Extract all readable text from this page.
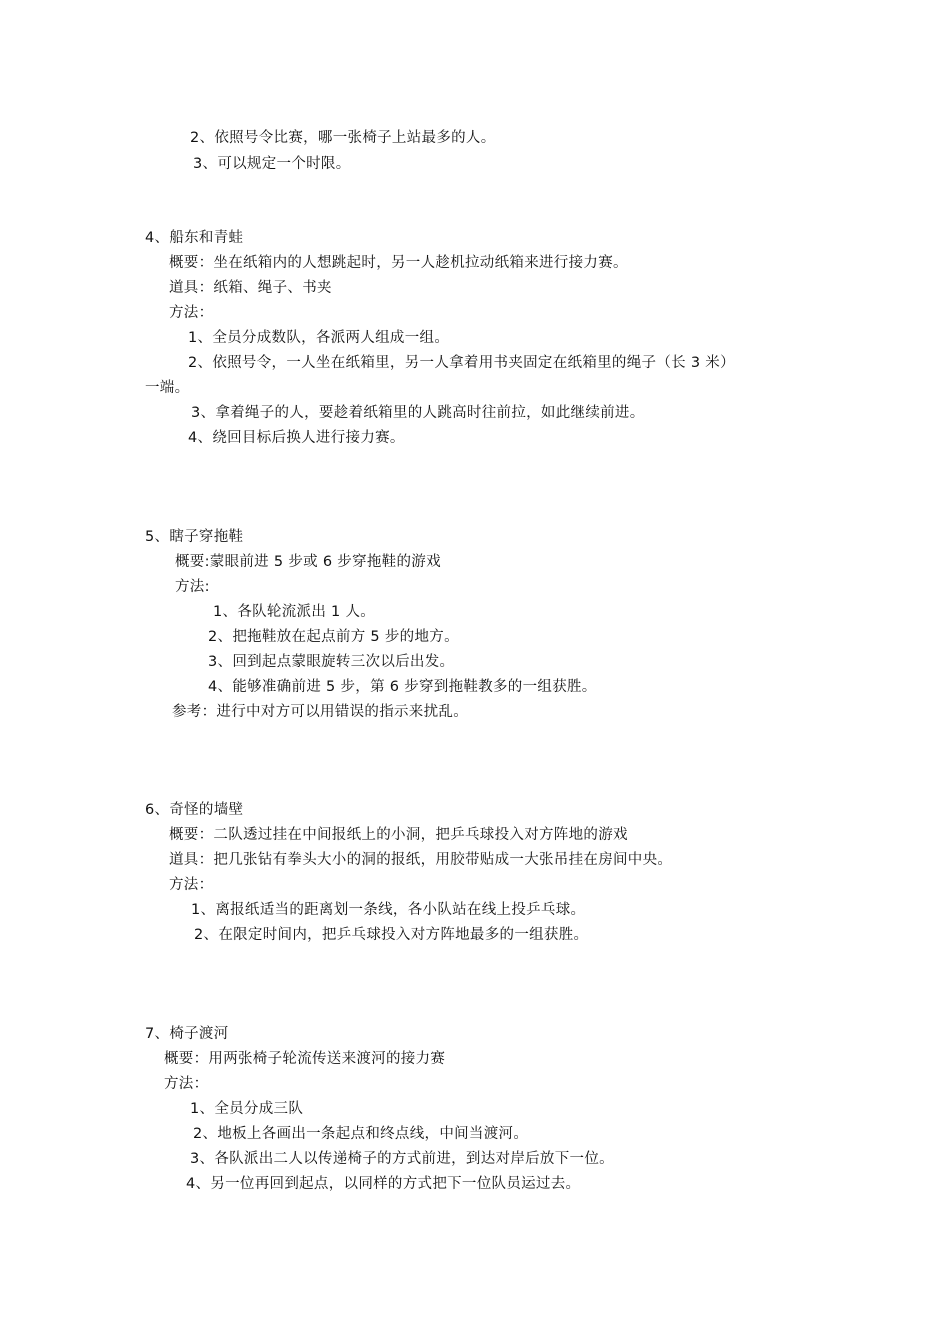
2、依照号令比赛，哪一张椅子上站最多的人。
3、可以规定一个时限。
4、船东和青蛙
概要：坐在纸箱内的人想跳起时，另一人趁机拉动纸箱来进行接力赛。
道具：纸箱、绳子、书夹
方法：
1、全员分成数队，各派两人组成一组。
2、依照号令，一人坐在纸箱里，另一人拿着用书夹固定在纸箱里的绳子（长 3 米）
一端。
3、拿着绳子的人，要趁着纸箱里的人跳高时往前拉，如此继续前进。
4、绕回目标后换人进行接力赛。
5、瞎子穿拖鞋
概要:蒙眼前进 5 步或 6 步穿拖鞋的游戏
方法:
1、各队轮流派出 1 人。
2、把拖鞋放在起点前方 5 步的地方。
3、回到起点蒙眼旋转三次以后出发。
4、能够准确前进 5 步，第 6 步穿到拖鞋教多的一组获胜。
参考：进行中对方可以用错误的指示来扰乱。
6、奇怪的墙壁
概要：二队透过挂在中间报纸上的小洞，把乒乓球投入对方阵地的游戏
道具：把几张钻有拳头大小的洞的报纸，用胶带贴成一大张吊挂在房间中央。
方法：
1、离报纸适当的距离划一条线，各小队站在线上投乒乓球。
2、在限定时间内，把乒乓球投入对方阵地最多的一组获胜。
7、椅子渡河
概要：用两张椅子轮流传送来渡河的接力赛
方法：
1、全员分成三队
2、地板上各画出一条起点和终点线，中间当渡河。
3、各队派出二人以传递椅子的方式前进，到达对岸后放下一位。
4、另一位再回到起点，以同样的方式把下一位队员运过去。
